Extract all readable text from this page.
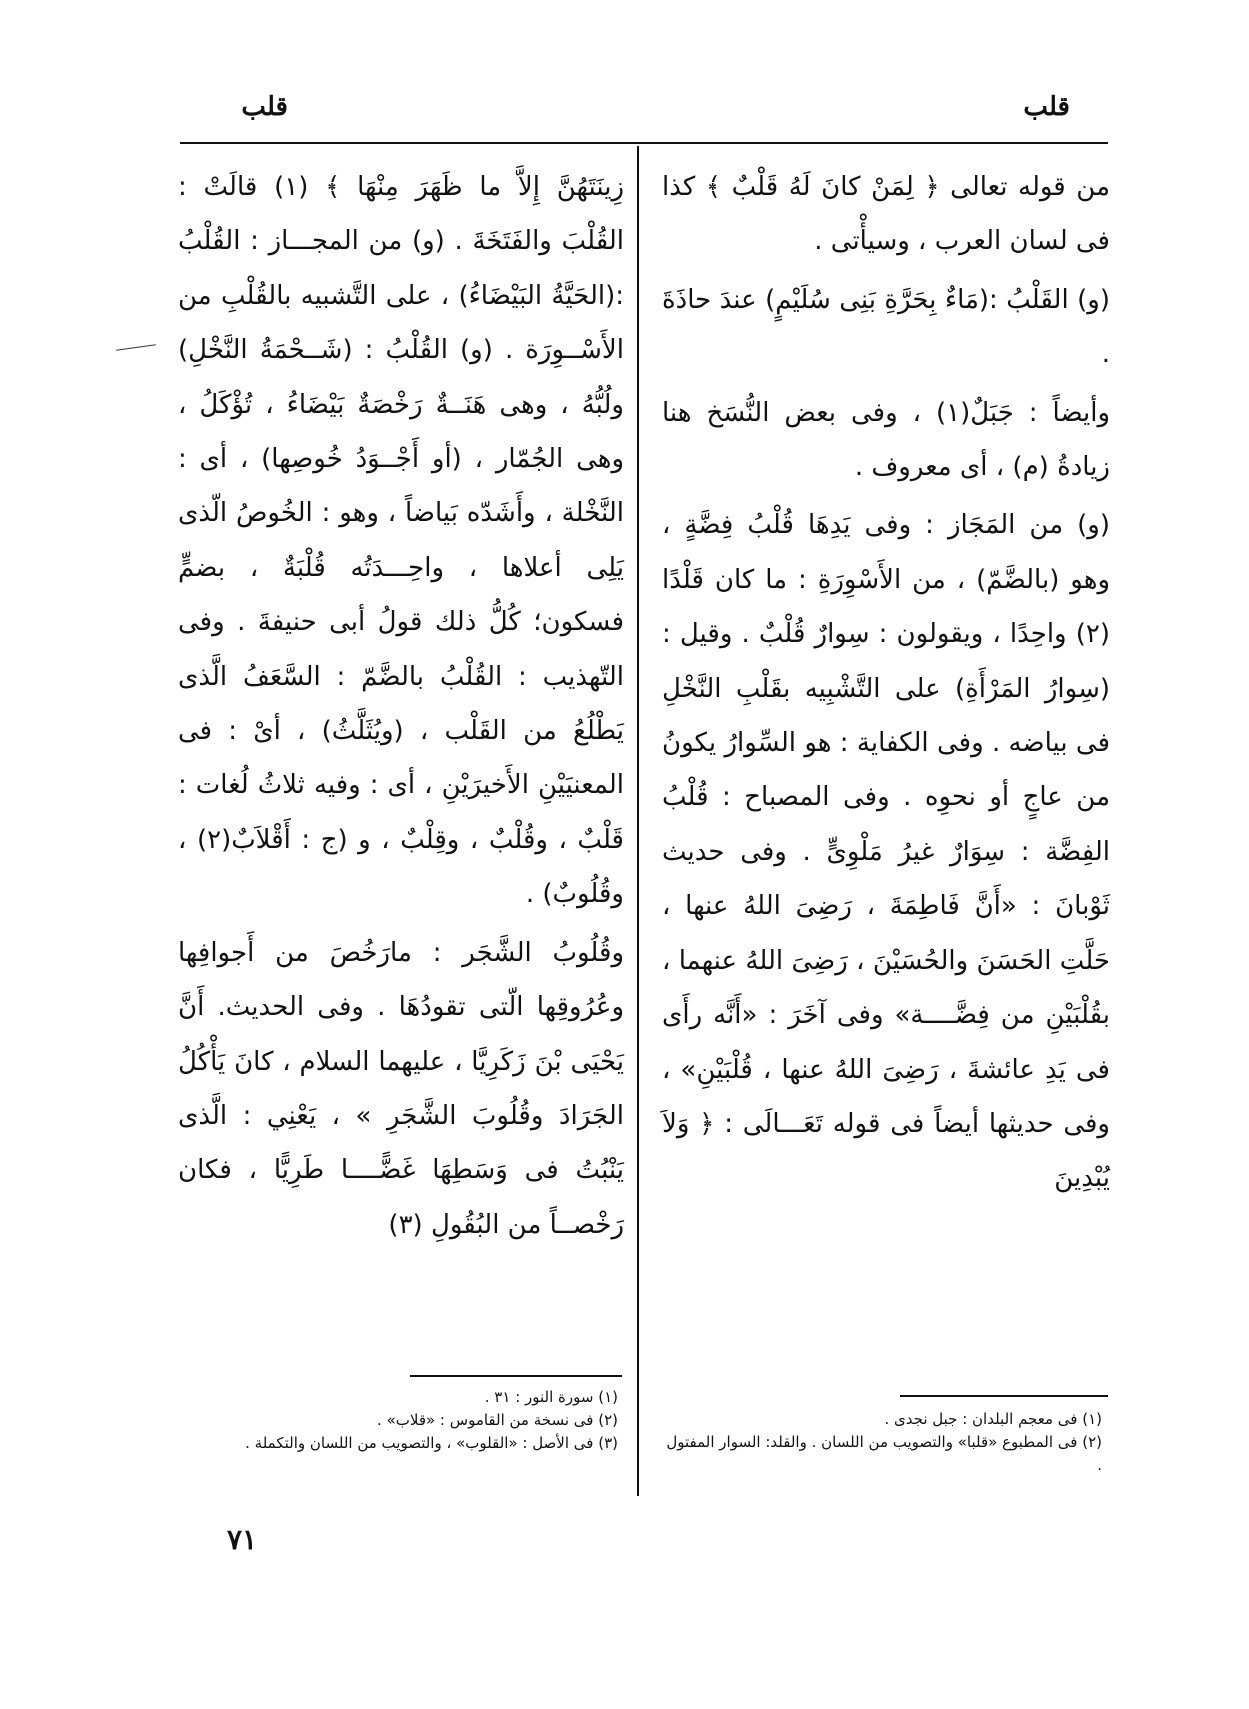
قلب
قلب

من قوله تعالى ﴿ لِمَنْ كانَ لَهُ قَلْبٌ ﴾ كذا فى لسان العرب ، وسيأْتى .

(و) القَلْبُ :(مَاءٌ بِحَرَّةِ بَنِى سُلَيْمٍ) عندَ حاذَةَ .

وأيضاً : جَبَلٌ(١) ، وفى بعض النُّسَخ هنا زيادةُ (م) ، أى معروف .

(و) من المَجَاز : وفى يَدِهَا قُلْبُ فِضَّةٍ ، وهو (بالضَّمّ) ، من الأَسْوِرَةِ : ما كان قَلْدًا (٢) واحِدًا ، ويقولون : سِوارٌ قُلْبٌ . وقيل : (سِوارُ المَرْأَةِ) على التَّشْبِيه بقَلْبِ النَّخْلِ فى بياضه . وفى الكفاية : هو السِّوارُ يكونُ من عاجٍ أو نحوِه . وفى المصباح : قُلْبُ الفِضَّة : سِوَارٌ غيرُ مَلْوِىٍّ . وفى حديث ثَوْبانَ : «أَنَّ فَاطِمَةَ ، رَضِىَ اللهُ عنها ، حَلَّتِ الحَسَنَ والحُسَيْنَ ، رَضِىَ اللهُ عنهما ، بقُلْبَيْنِ من فِضَّــــة» وفى آخَرَ : «أَنَّه رأَى فى يَدِ عائشةَ ، رَضِىَ اللهُ عنها ، قُلْبَيْنِ» ، وفى حديثها أيضاً فى قوله تَعَـــالَى : ﴿ وَلاَ يُبْدِينَ

(١) فى معجم البلدان : جبل نجدى .

(٢) فى المطبوع «قلبا» والتصويب من اللسان . والقلد: السوار المفتول .

زِينَتَهُنَّ إِلاَّ ما ظَهَرَ مِنْهَا ﴾ (١) قالَتْ : القُلْبَ والفَتَخَةَ . (و) من المجـــاز : القُلْبُ :(الحَيَّةُ البَيْضَاءُ) ، على التَّشبيه بالقُلْبِ من الأَسْــوِرَة . (و) القُلْبُ : (شَــحْمَةُ النَّخْلِ) ولُبُّهُ ، وهى هَنَــةٌ رَخْصَةٌ بَيْضَاءُ ، تُؤْكَلُ ، وهى الجُمّار ، (أو أَجْــوَدُ خُوصِها) ، أى : النَّخْلة ، وأَشَدّه بَياضاً ، وهو : الخُوصُ الّذى يَلِى أعلاها ، واحِـــدَتُه قُلْبَةٌ ، بضمٍّ فسكون؛ كُلُّ ذلك قولُ أبى حنيفةَ . وفى التّهذيب : القُلْبُ بالضَّمّ : السَّعَفُ الَّذى يَطْلُعُ من القَلْب ، (ويُثَلَّثُ) ، أىْ : فى المعنيَيْنِ الأَخيرَيْنِ ، أى : وفيه ثلاثُ لُغات : قَلْبٌ ، وقُلْبٌ ، وقِلْبٌ ، و (ج : أَقْلاَبٌ(٢) ، وقُلُوبٌ) .

وقُلُوبُ الشَّجَر : مارَخُصَ من أَجوافِها وعُرُوقِها الّتى تقودُهَا . وفى الحديث. أَنَّ يَحْيَى بْنَ زَكَرِيَّا ، عليهما السلام ، كانَ يَأْكُلُ الجَرَادَ وقُلُوبَ الشَّجَرِ » ، يَعْنِي : الَّذى يَنْبُتُ فى وَسَطِهَا غَضًّــــا طَرِيًّا ، فكان رَخْصــاً من البُقُولِ (٣)

(١) سورة النور : ٣١ .

(٢) فى نسخة من القاموس : «قلاب» .

(٣) فى الأصل : «القلوب» ، والتصويب من اللسان والتكملة .

٧١
